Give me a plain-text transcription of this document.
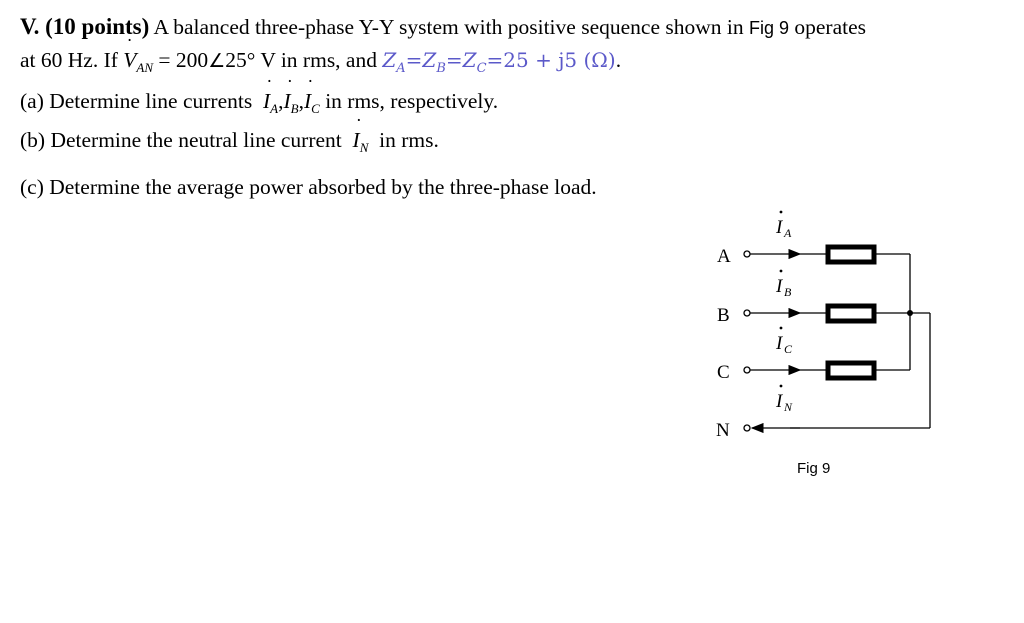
V. (10 points) A balanced three-phase Y-Y system with positive sequence shown in Fig 9 operates
at 60 Hz. If ˙ $V_{AN}$ = 200∠25° V in rms, and $Z_A=Z_B=Z_C=25 + j5$ (Ω).
(a) Determine line currents ˙ $I_A,˙$ $I_B,˙$ $I_C$ in rms, respectively.
(b) Determine the neutral line current ˙ $I_N$ in rms.
(c) Determine the average power absorbed by the three-phase load.
A
B
C
N
I A
I B
I C
I N
Fig 9
